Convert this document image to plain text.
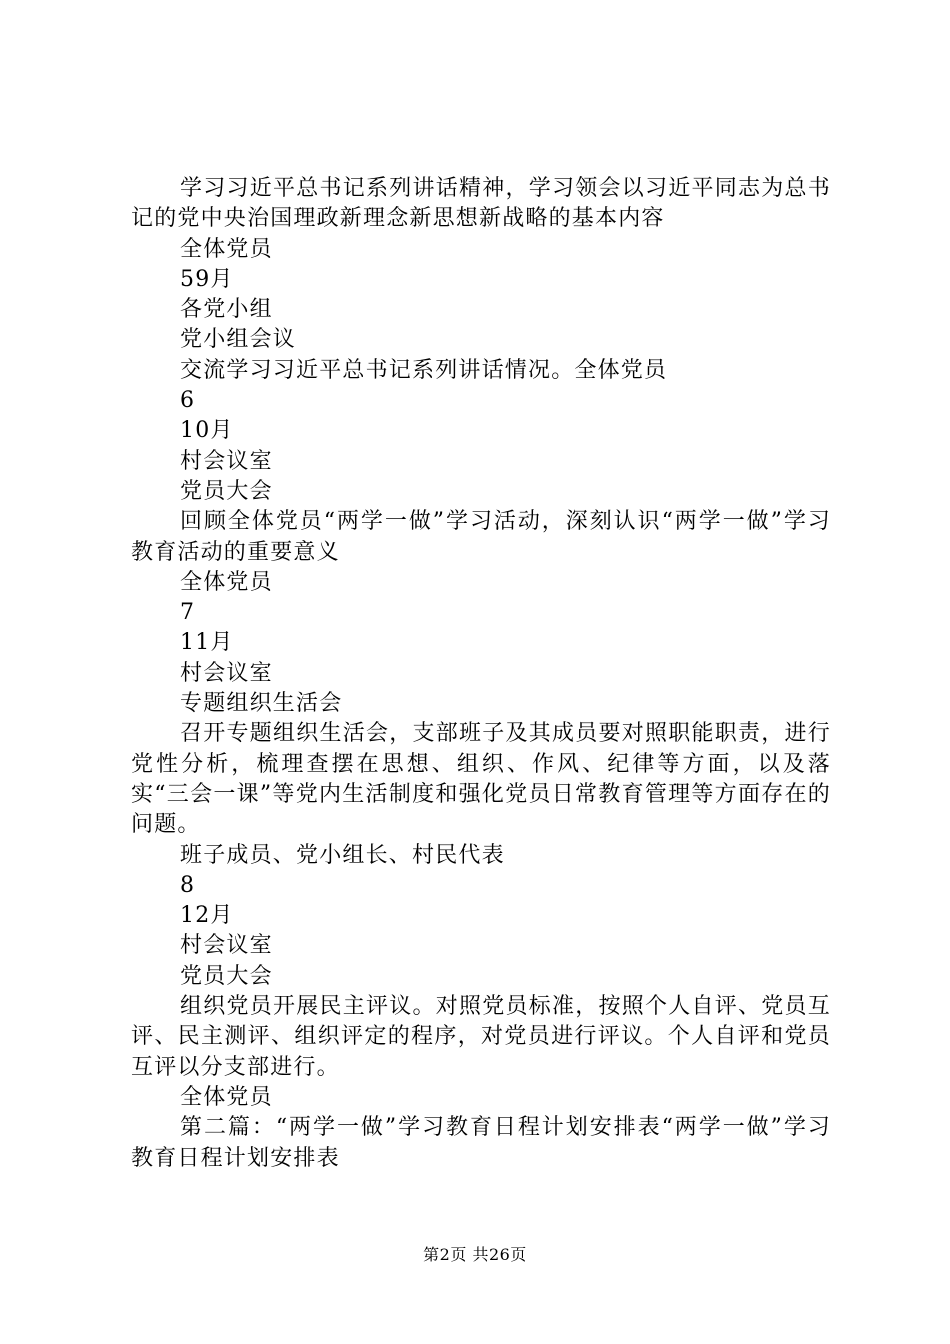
学习习近平总书记系列讲话精神，学习领会以习近平同志为总书记的党中央治国理政新理念新思想新战略的基本内容

全体党员
59月
各党小组
党小组会议
交流学习习近平总书记系列讲话情况。全体党员
6
10月
村会议室
党员大会

回顾全体党员“两学一做”学习活动，深刻认识“两学一做”学习教育活动的重要意义

全体党员
7
11月
村会议室
专题组织生活会

召开专题组织生活会，支部班子及其成员要对照职能职责，进行党性分析，梳理查摆在思想、组织、作风、纪律等方面，以及落实“三会一课”等党内生活制度和强化党员日常教育管理等方面存在的问题。

班子成员、党小组长、村民代表
8
12月
村会议室
党员大会

组织党员开展民主评议。对照党员标准，按照个人自评、党员互评、民主测评、组织评定的程序，对党员进行评议。个人自评和党员互评以分支部进行。

全体党员

第二篇：“两学一做”学习教育日程计划安排表“两学一做”学习教育日程计划安排表

第2页 共26页
